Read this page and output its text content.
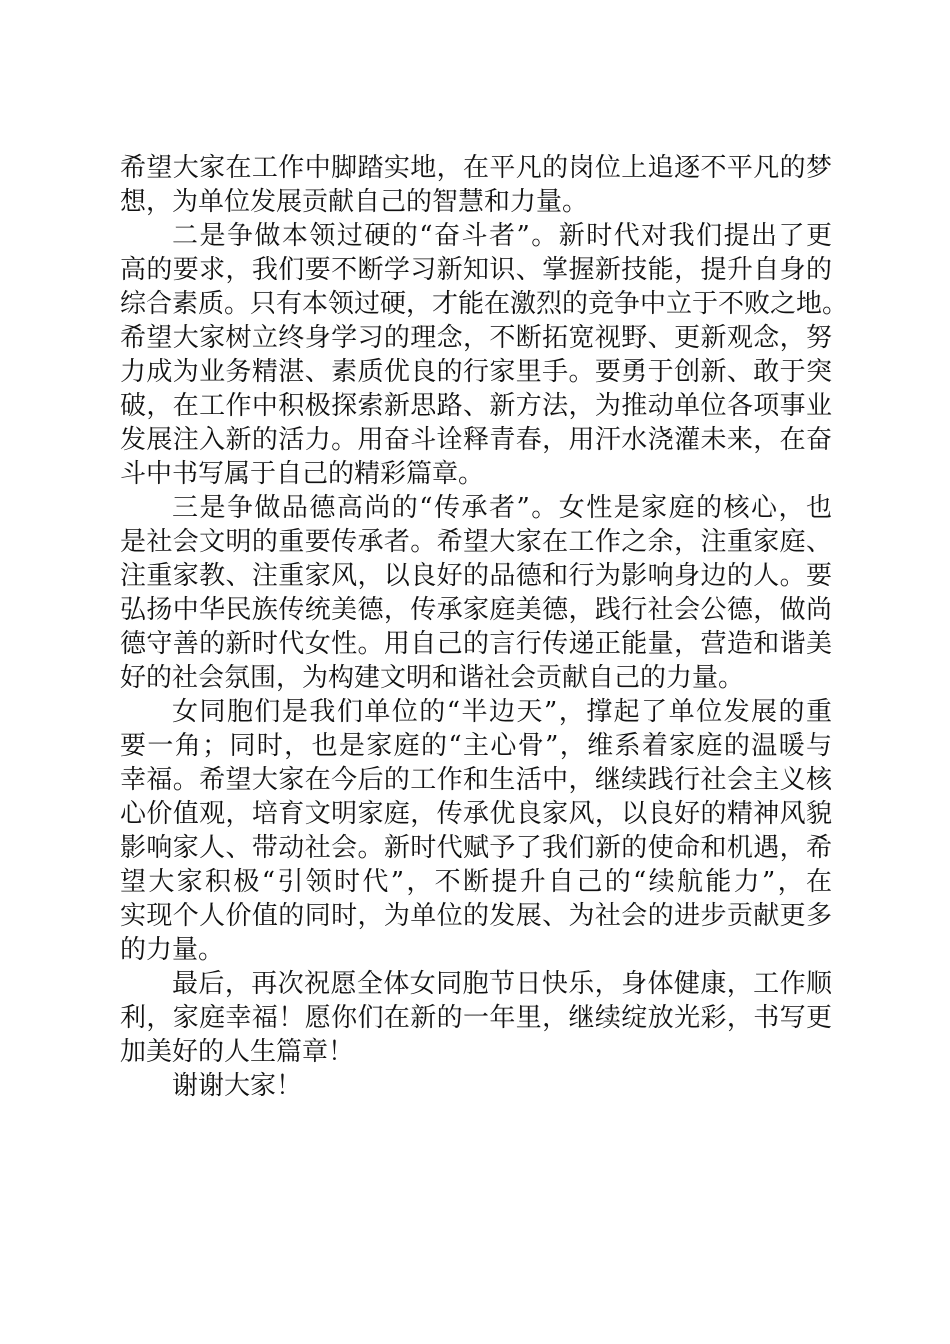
希望大家在工作中脚踏实地，在平凡的岗位上追逐不平凡的梦
想，为单位发展贡献自己的智慧和力量。
二是争做本领过硬的“奋斗者”。新时代对我们提出了更
高的要求，我们要不断学习新知识、掌握新技能，提升自身的
综合素质。只有本领过硬，才能在激烈的竞争中立于不败之地。
希望大家树立终身学习的理念，不断拓宽视野、更新观念，努
力成为业务精湛、素质优良的行家里手。要勇于创新、敢于突
破，在工作中积极探索新思路、新方法，为推动单位各项事业
发展注入新的活力。用奋斗诠释青春，用汗水浇灌未来，在奋
斗中书写属于自己的精彩篇章。
三是争做品德高尚的“传承者”。女性是家庭的核心，也
是社会文明的重要传承者。希望大家在工作之余，注重家庭、
注重家教、注重家风，以良好的品德和行为影响身边的人。要
弘扬中华民族传统美德，传承家庭美德，践行社会公德，做尚
德守善的新时代女性。用自己的言行传递正能量，营造和谐美
好的社会氛围，为构建文明和谐社会贡献自己的力量。
女同胞们是我们单位的“半边天”，撑起了单位发展的重
要一角；同时，也是家庭的“主心骨”，维系着家庭的温暖与
幸福。希望大家在今后的工作和生活中，继续践行社会主义核
心价值观，培育文明家庭，传承优良家风，以良好的精神风貌
影响家人、带动社会。新时代赋予了我们新的使命和机遇，希
望大家积极“引领时代”，不断提升自己的“续航能力”，在
实现个人价值的同时，为单位的发展、为社会的进步贡献更多
的力量。
最后，再次祝愿全体女同胞节日快乐，身体健康，工作顺
利，家庭幸福！愿你们在新的一年里，继续绽放光彩，书写更
加美好的人生篇章！
谢谢大家！
